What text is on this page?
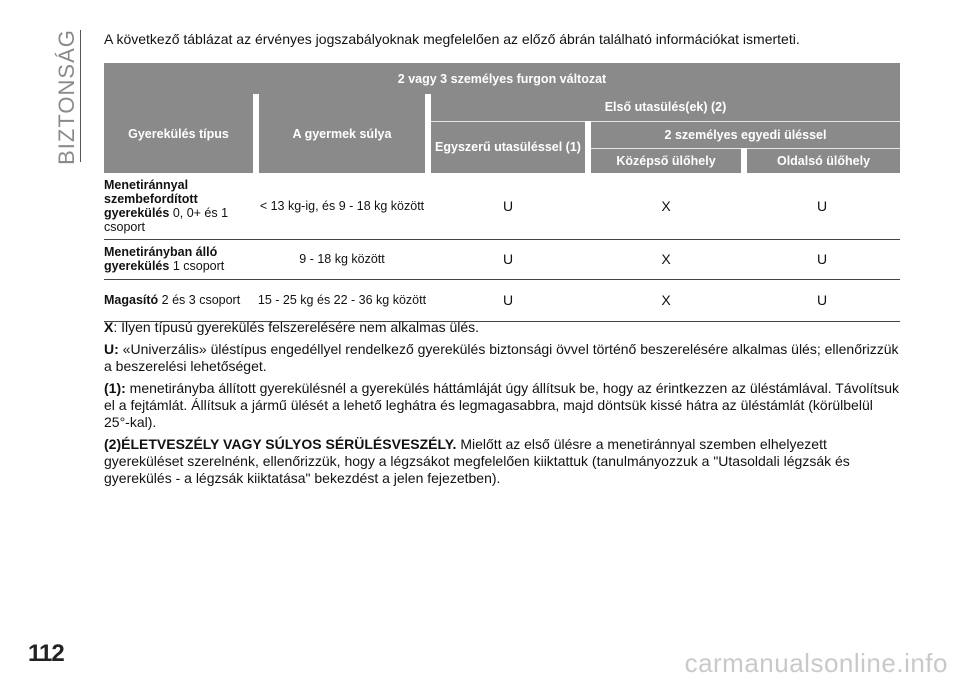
BIZTONSÁG A következő táblázat az érvényes jogszabályoknak megfelelően az előző ábrán található információkat ismerteti.

2 vagy 3 személyes furgon változat				
Gyerekülés típus	A gyermek súlya	Első utasülés(ek) (2)		
		Egyszerű utasüléssel (1)	2 személyes egyedi üléssel	
			Középső ülőhely	Oldalsó ülőhely
Menetiránnyal szembefordított gyerekülés 0, 0+ és 1 csoport	< 13 kg-ig, és 9 - 18 kg között	U	X	U
Menetirányban álló gyerekülés 1 csoport	9 - 18 kg között	U	X	U
Magasító 2 és 3 csoport	15 - 25 kg és 22 - 36 kg között	U	X	U

X: Ilyen típusú gyerekülés felszerelésére nem alkalmas ülés.

U: «Univerzális» üléstípus engedéllyel rendelkező gyerekülés biztonsági övvel történő beszerelésére alkalmas ülés; ellenőrizzük a beszerelési lehetőséget.

(1): menetirányba állított gyerekülésnél a gyerekülés háttámláját úgy állítsuk be, hogy az érintkezzen az üléstámlával. Távolítsuk el a fejtámlát. Állítsuk a jármű ülését a lehető leghátra és legmagasabbra, majd döntsük kissé hátra az üléstámlát (körülbelül 25°-kal).

(2)ÉLETVESZÉLY VAGY SÚLYOS SÉRÜLÉSVESZÉLY. Mielőtt az első ülésre a menetiránnyal szemben elhelyezett gyereküléset szerelnénk, ellenőrizzük, hogy a légzsákot megfelelően kiiktattuk (tanulmányozzuk a "Utasoldali légzsák és gyerekülés - a légzsák kiiktatása" bekezdést a jelen fejezetben).

112	carmanualsonline.info
